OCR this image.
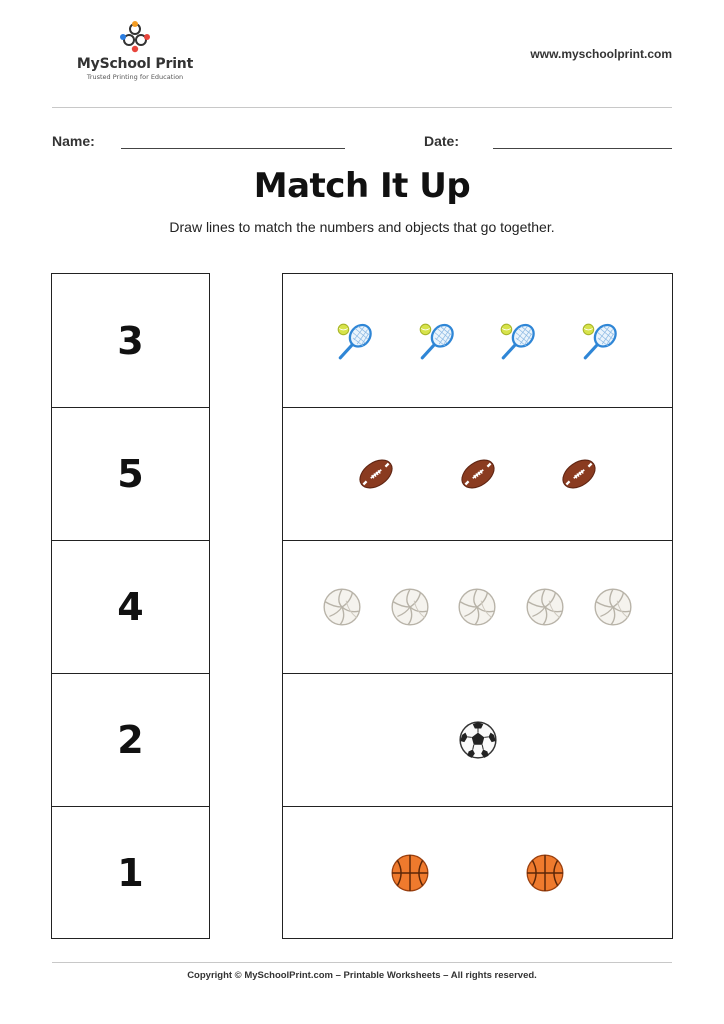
MySchool Print
Trusted Printing for Education
www.myschoolprint.com
Name:	Date:
Match It Up
Draw lines to match the numbers and objects that go together.
3
5
4
2
1
Copyright © MySchoolPrint.com – Printable Worksheets – All rights reserved.
